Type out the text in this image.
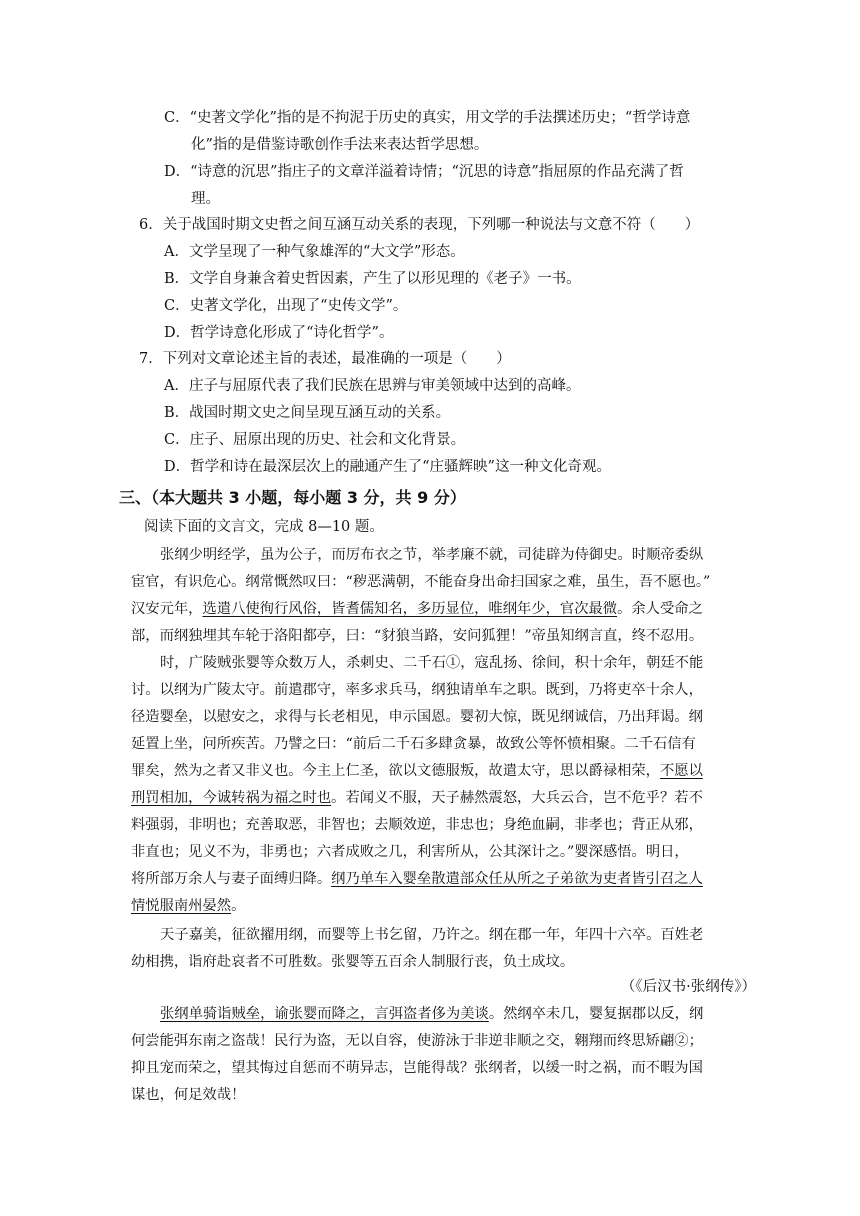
C．“史著文学化”指的是不拘泥于历史的真实，用文学的手法撰述历史；“哲学诗意
化”指的是借鉴诗歌创作手法来表达哲学思想。
D．“诗意的沉思”指庄子的文章洋溢着诗情；“沉思的诗意”指屈原的作品充满了哲
理。
6．关于战国时期文史哲之间互涵互动关系的表现，下列哪一种说法与文意不符（　　）
A．文学呈现了一种气象雄浑的“大文学”形态。
B．文学自身兼含着史哲因素，产生了以形见理的《老子》一书。
C．史著文学化，出现了“史传文学”。
D．哲学诗意化形成了“诗化哲学”。
7．下列对文章论述主旨的表述，最准确的一项是（　　）
A．庄子与屈原代表了我们民族在思辨与审美领域中达到的高峰。
B．战国时期文史之间呈现互涵互动的关系。
C．庄子、屈原出现的历史、社会和文化背景。
D．哲学和诗在最深层次上的融通产生了“庄骚辉映”这一种文化奇观。
三、（本大题共 3 小题，每小题 3 分，共 9 分）
阅读下面的文言文，完成 8—10 题。
张纲少明经学，虽为公子，而厉布衣之节，举孝廉不就，司徒辟为侍御史。时顺帝委纵
宦官，有识危心。纲常慨然叹曰：“秽恶满朝，不能奋身出命扫国家之难，虽生，吾不愿也。”
汉安元年，选遣八使徇行风俗，皆耆儒知名，多历显位，唯纲年少，官次最微。余人受命之
部，而纲独埋其车轮于洛阳都亭，曰：“豺狼当路，安问狐狸！”帝虽知纲言直，终不忍用。
时，广陵贼张婴等众数万人，杀刺史、二千石①，寇乱扬、徐间，积十余年，朝廷不能
讨。以纲为广陵太守。前遣郡守，率多求兵马，纲独请单车之职。既到，乃将吏卒十余人，
径造婴垒，以慰安之，求得与长老相见，申示国恩。婴初大惊，既见纲诚信，乃出拜谒。纲
延置上坐，问所疾苦。乃譬之曰：“前后二千石多肆贪暴，故致公等怀愤相聚。二千石信有
罪矣，然为之者又非义也。今主上仁圣，欲以文德服叛，故遣太守，思以爵禄相荣，不愿以
刑罚相加，今诚转祸为福之时也。若闻义不服，天子赫然震怒，大兵云合，岂不危乎？若不
料强弱，非明也；充善取恶，非智也；去顺效逆，非忠也；身绝血嗣，非孝也；背正从邪，
非直也；见义不为，非勇也；六者成败之几，利害所从，公其深计之。”婴深感悟。明日，
将所部万余人与妻子面缚归降。纲乃单车入婴垒散遣部众任从所之子弟欲为吏者皆引召之人
情悦服南州晏然。
天子嘉美，征欲擢用纲，而婴等上书乞留，乃许之。纲在郡一年，年四十六卒。百姓老
幼相携，诣府赴哀者不可胜数。张婴等五百余人制服行丧，负土成坟。
（《后汉书·张纲传》）
张纲单骑诣贼垒，谕张婴而降之，言弭盗者侈为美谈。然纲卒未几，婴复据郡以反，纲
何尝能弭东南之盗哉！民行为盗，无以自容，使游泳于非逆非顺之交，翱翔而终思矫翩②；
抑且宠而荣之，望其悔过自惩而不萌异志，岂能得哉？张纲者，以缓一时之祸，而不暇为国
谋也，何足效哉！
